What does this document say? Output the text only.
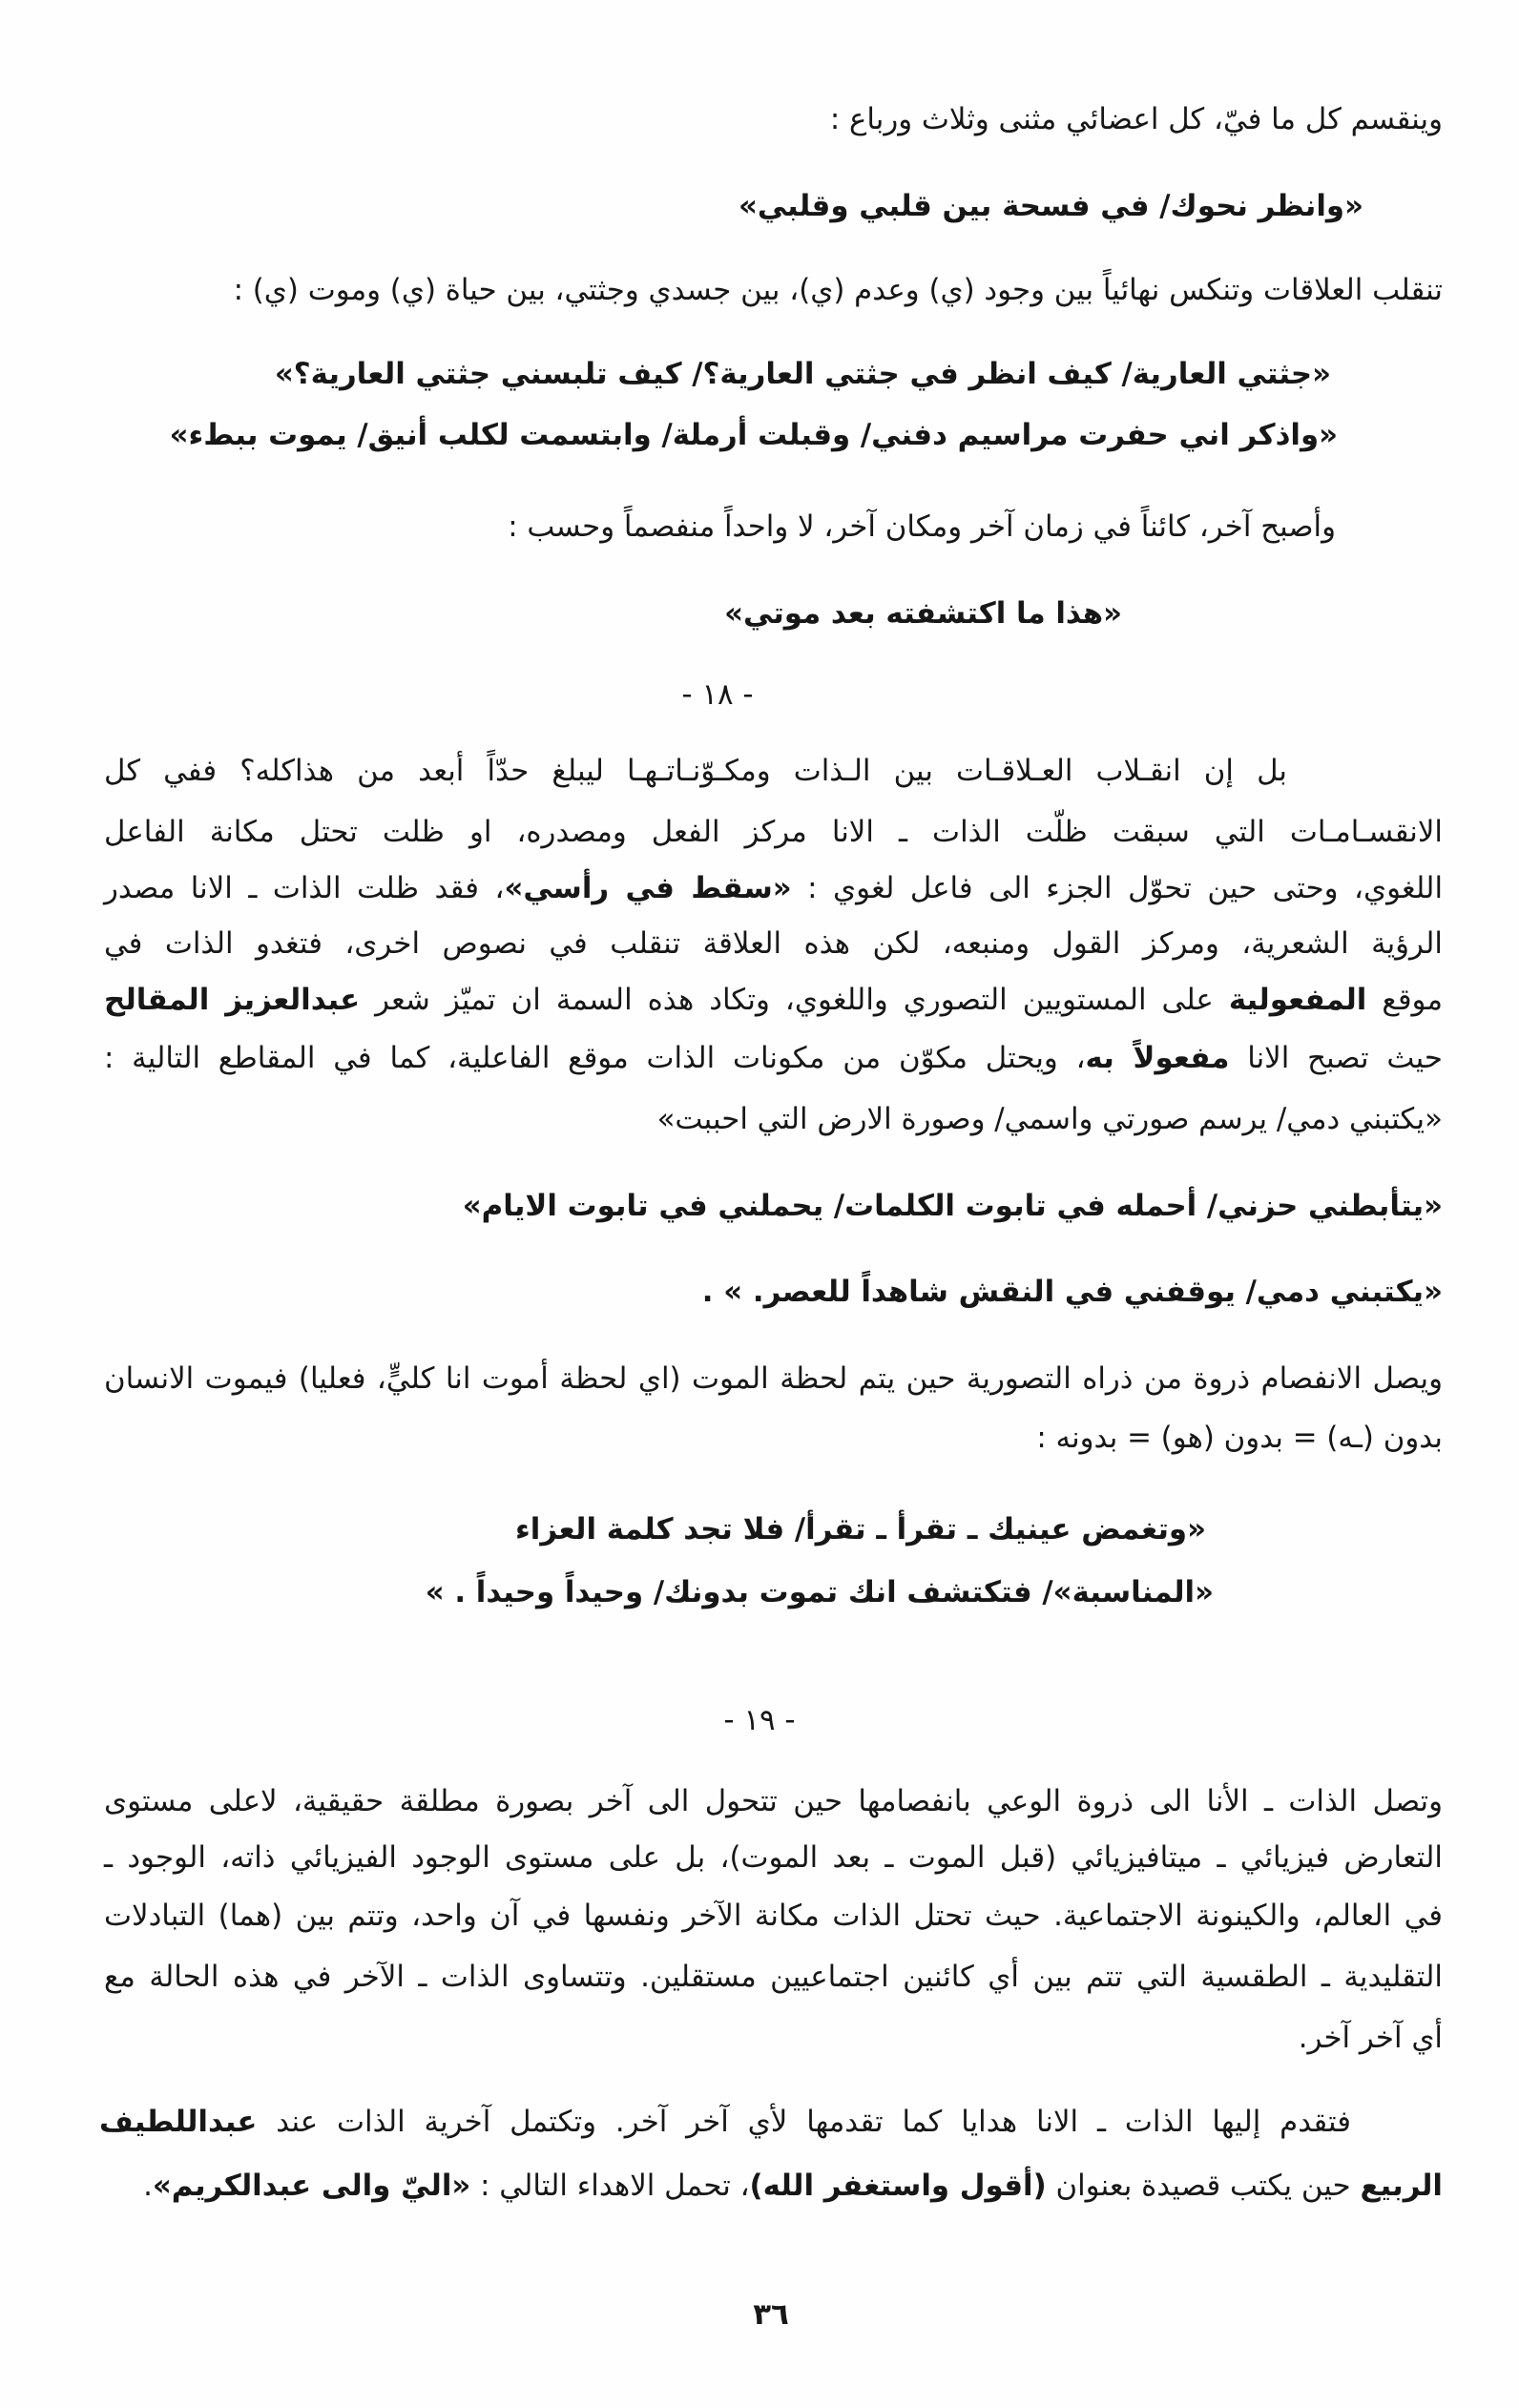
وينقسم كل ما فيّ، كل اعضائي مثنى وثلاث ورباع :
«وانظر نحوك/ في فسحة بين قلبي وقلبي»
تنقلب العلاقات وتنكس نهائياً بين وجود (ي) وعدم (ي)، بين جسدي وجثتي، بين حياة (ي) وموت (ي) :
«جثتي العارية/ كيف انظر في جثتي العارية؟/ كيف تلبسني جثتي العارية؟»
«واذكر اني حفرت مراسيم دفني/ وقبلت أرملة/ وابتسمت لكلب أنيق/ يموت ببطء»
وأصبح آخر، كائناً في زمان آخر ومكان آخر، لا واحداً منفصماً وحسب :
«هذا ما اكتشفته بعد موتي»
- ١٨ -
بل إن انقـلاب العـلاقـات بين الـذات ومكـوّنـاتـهـا ليبلغ حدّاً أبعد من هذاكله؟ ففي كل
الانقسـامـات التي سبقت ظلّت الذات ـ الانا مركز الفعل ومصدره، او ظلت تحتل مكانة الفاعل
اللغوي، وحتى حين تحوّل الجزء الى فاعل لغوي : «سقط في رأسي»، فقد ظلت الذات ـ الانا مصدر
الرؤية الشعرية، ومركز القول ومنبعه، لكن هذه العلاقة تنقلب في نصوص اخرى، فتغدو الذات في
موقع المفعولية على المستويين التصوري واللغوي، وتكاد هذه السمة ان تميّز شعر عبدالعزيز المقالح
حيث تصبح الانا مفعولاً به، ويحتل مكوّن من مكونات الذات موقع الفاعلية، كما في المقاطع التالية :
«يكتبني دمي/ يرسم صورتي واسمي/ وصورة الارض التي احببت»
«يتأبطني حزني/ أحمله في تابوت الكلمات/ يحملني في تابوت الايام»
«يكتبني دمي/ يوقفني في النقش شاهداً للعصر. » .
ويصل الانفصام ذروة من ذراه التصورية حين يتم لحظة الموت (اي لحظة أموت انا كليٍّ، فعليا) فيموت الانسان
بدون (ـه) = بدون (هو) = بدونه :
«وتغمض عينيك ـ تقرأ ـ تقرأ/ فلا تجد كلمة العزاء
«المناسبة»/ فتكتشف انك تموت بدونك/ وحيداً وحيداً . »
- ١٩ -
وتصل الذات ـ الأنا الى ذروة الوعي بانفصامها حين تتحول الى آخر بصورة مطلقة حقيقية، لاعلى مستوى
التعارض فيزيائي ـ ميتافيزيائي (قبل الموت ـ بعد الموت)، بل على مستوى الوجود الفيزيائي ذاته، الوجود ـ
في العالم، والكينونة الاجتماعية. حيث تحتل الذات مكانة الآخر ونفسها في آن واحد، وتتم بين (هما) التبادلات
التقليدية ـ الطقسية التي تتم بين أي كائنين اجتماعيين مستقلين. وتتساوى الذات ـ الآخر في هذه الحالة مع
أي آخر آخر.
فتقدم إليها الذات ـ الانا هدايا كما تقدمها لأي آخر آخر. وتكتمل آخرية الذات عند عبداللطيف
الربيع حين يكتب قصيدة بعنوان (أقول واستغفر الله)، تحمل الاهداء التالي : «اليّ والى عبدالكريم».
٣٦
